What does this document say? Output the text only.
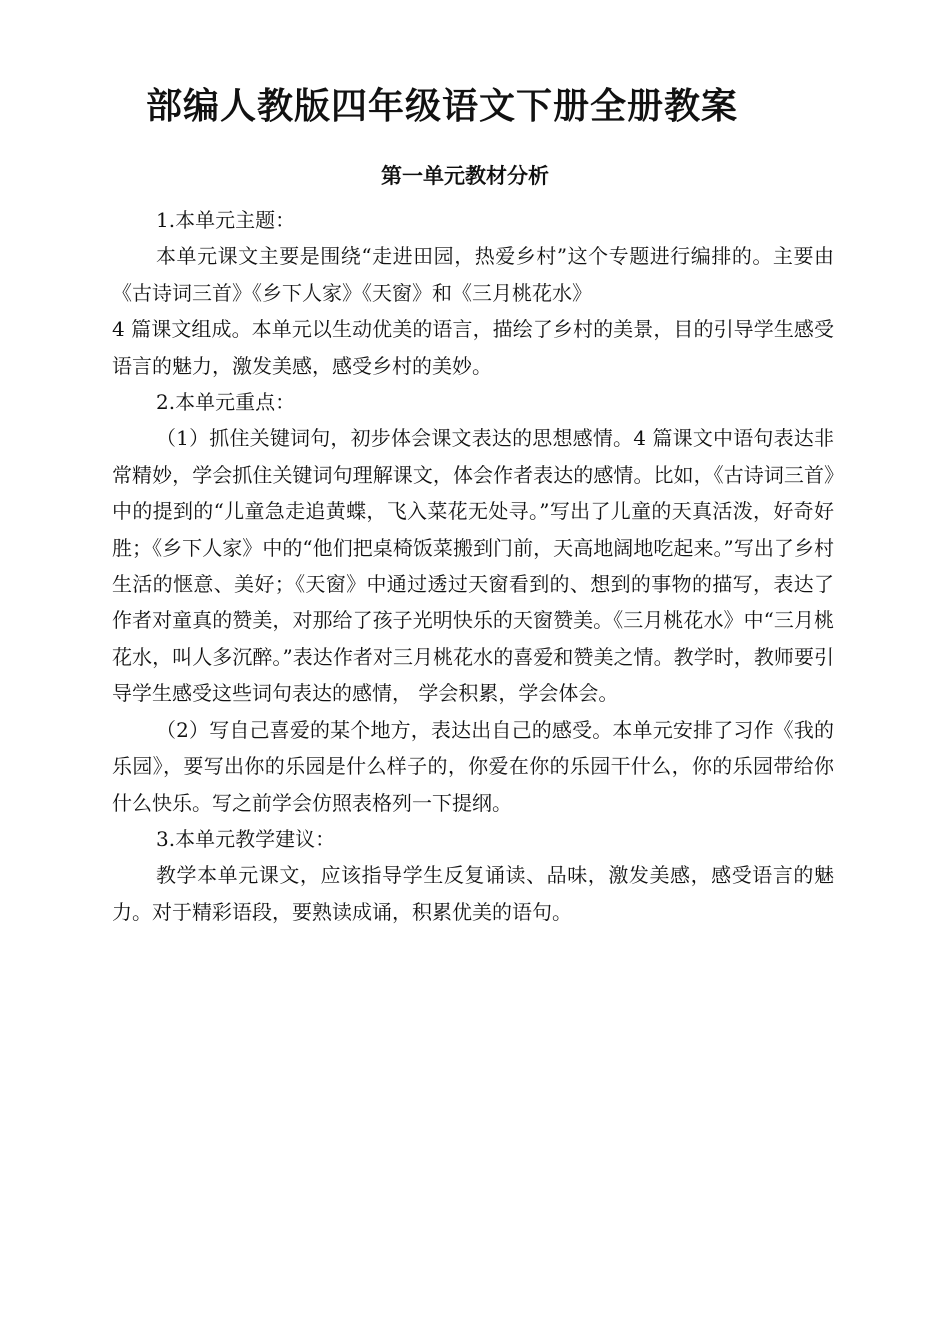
部编人教版四年级语文下册全册教案
第一单元教材分析

1.本单元主题：

本单元课文主要是围绕“走进田园，热爱乡村”这个专题进行编排的。主要由《古诗词三首》《乡下人家》《天窗》和《三月桃花水》

4 篇课文组成。本单元以生动优美的语言，描绘了乡村的美景，目的引导学生感受语言的魅力，激发美感，感受乡村的美妙。

2.本单元重点：

（1）抓住关键词句，初步体会课文表达的思想感情。4 篇课文中语句表达非常精妙，学会抓住关键词句理解课文，体会作者表达的感情。比如，《古诗词三首》中的提到的“儿童急走追黄蝶，飞入菜花无处寻。”写出了儿童的天真活泼，好奇好胜；《乡下人家》中的“他们把桌椅饭菜搬到门前，天高地阔地吃起来。”写出了乡村生活的惬意、美好；《天窗》中通过透过天窗看到的、想到的事物的描写，表达了作者对童真的赞美，对那给了孩子光明快乐的天窗赞美。《三月桃花水》中“三月桃花水，叫人多沉醉。”表达作者对三月桃花水的喜爱和赞美之情。教学时，教师要引导学生感受这些词句表达的感情， 学会积累，学会体会。

（2）写自己喜爱的某个地方，表达出自己的感受。本单元安排了习作《我的乐园》，要写出你的乐园是什么样子的，你爱在你的乐园干什么，你的乐园带给你什么快乐。写之前学会仿照表格列一下提纲。

3.本单元教学建议：

教学本单元课文，应该指导学生反复诵读、品味，激发美感，感受语言的魅力。对于精彩语段，要熟读成诵，积累优美的语句。
